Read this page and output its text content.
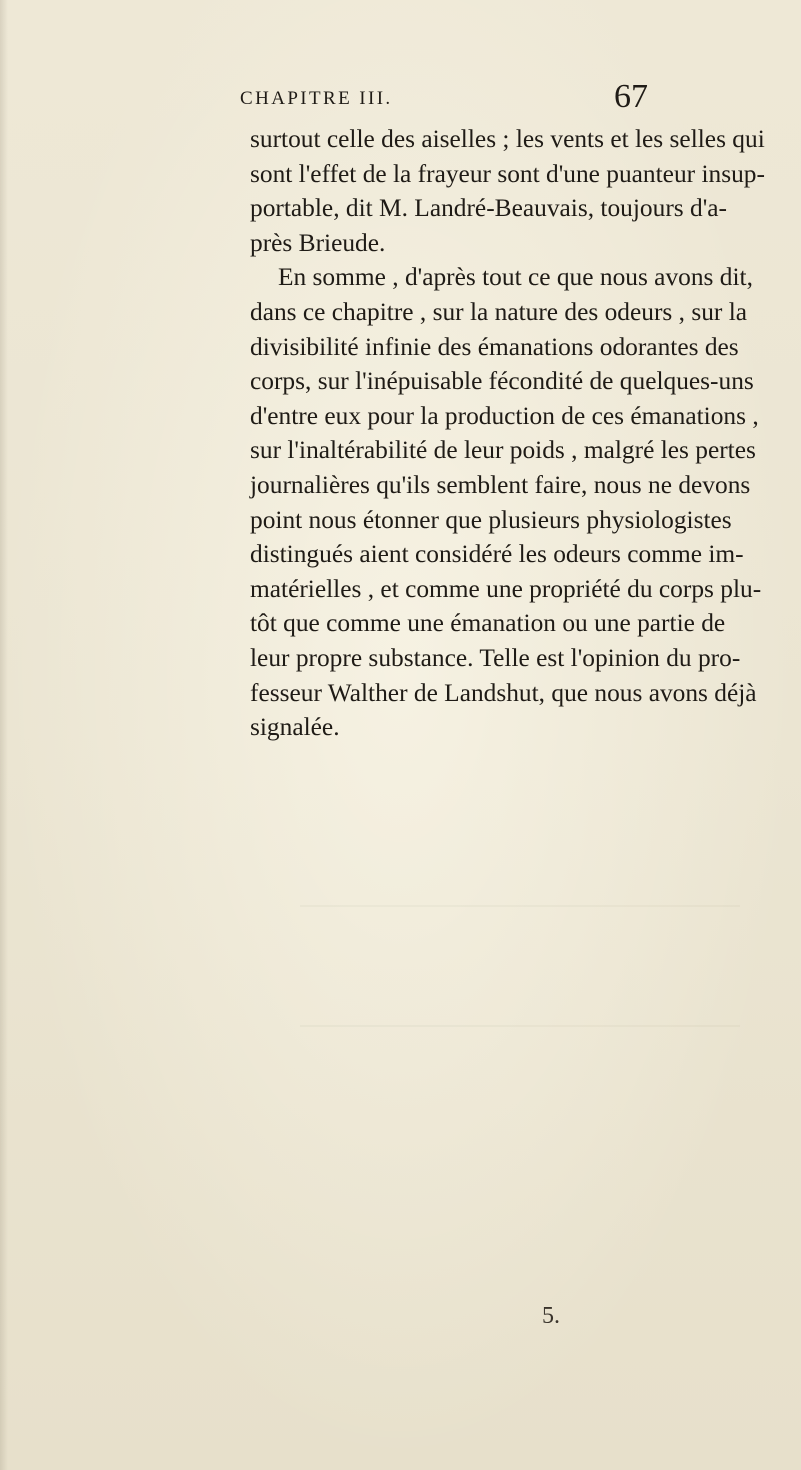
CHAPITRE III.	67
surtout celle des aiselles ; les vents et les selles qui
sont l'effet de la frayeur sont d'une puanteur insup-
portable, dit M. Landré-Beauvais, toujours d'a-
près Brieude.
En somme , d'après tout ce que nous avons dit,
dans ce chapitre , sur la nature des odeurs , sur la
divisibilité infinie des émanations odorantes des
corps, sur l'inépuisable fécondité de quelques-uns
d'entre eux pour la production de ces émanations ,
sur l'inaltérabilité de leur poids , malgré les pertes
journalières qu'ils semblent faire, nous ne devons
point nous étonner que plusieurs physiologistes
distingués aient considéré les odeurs comme im-
matérielles , et comme une propriété du corps plu-
tôt que comme une émanation ou une partie de
leur propre substance. Telle est l'opinion du pro-
fesseur Walther de Landshut, que nous avons déjà
signalée.
5.
